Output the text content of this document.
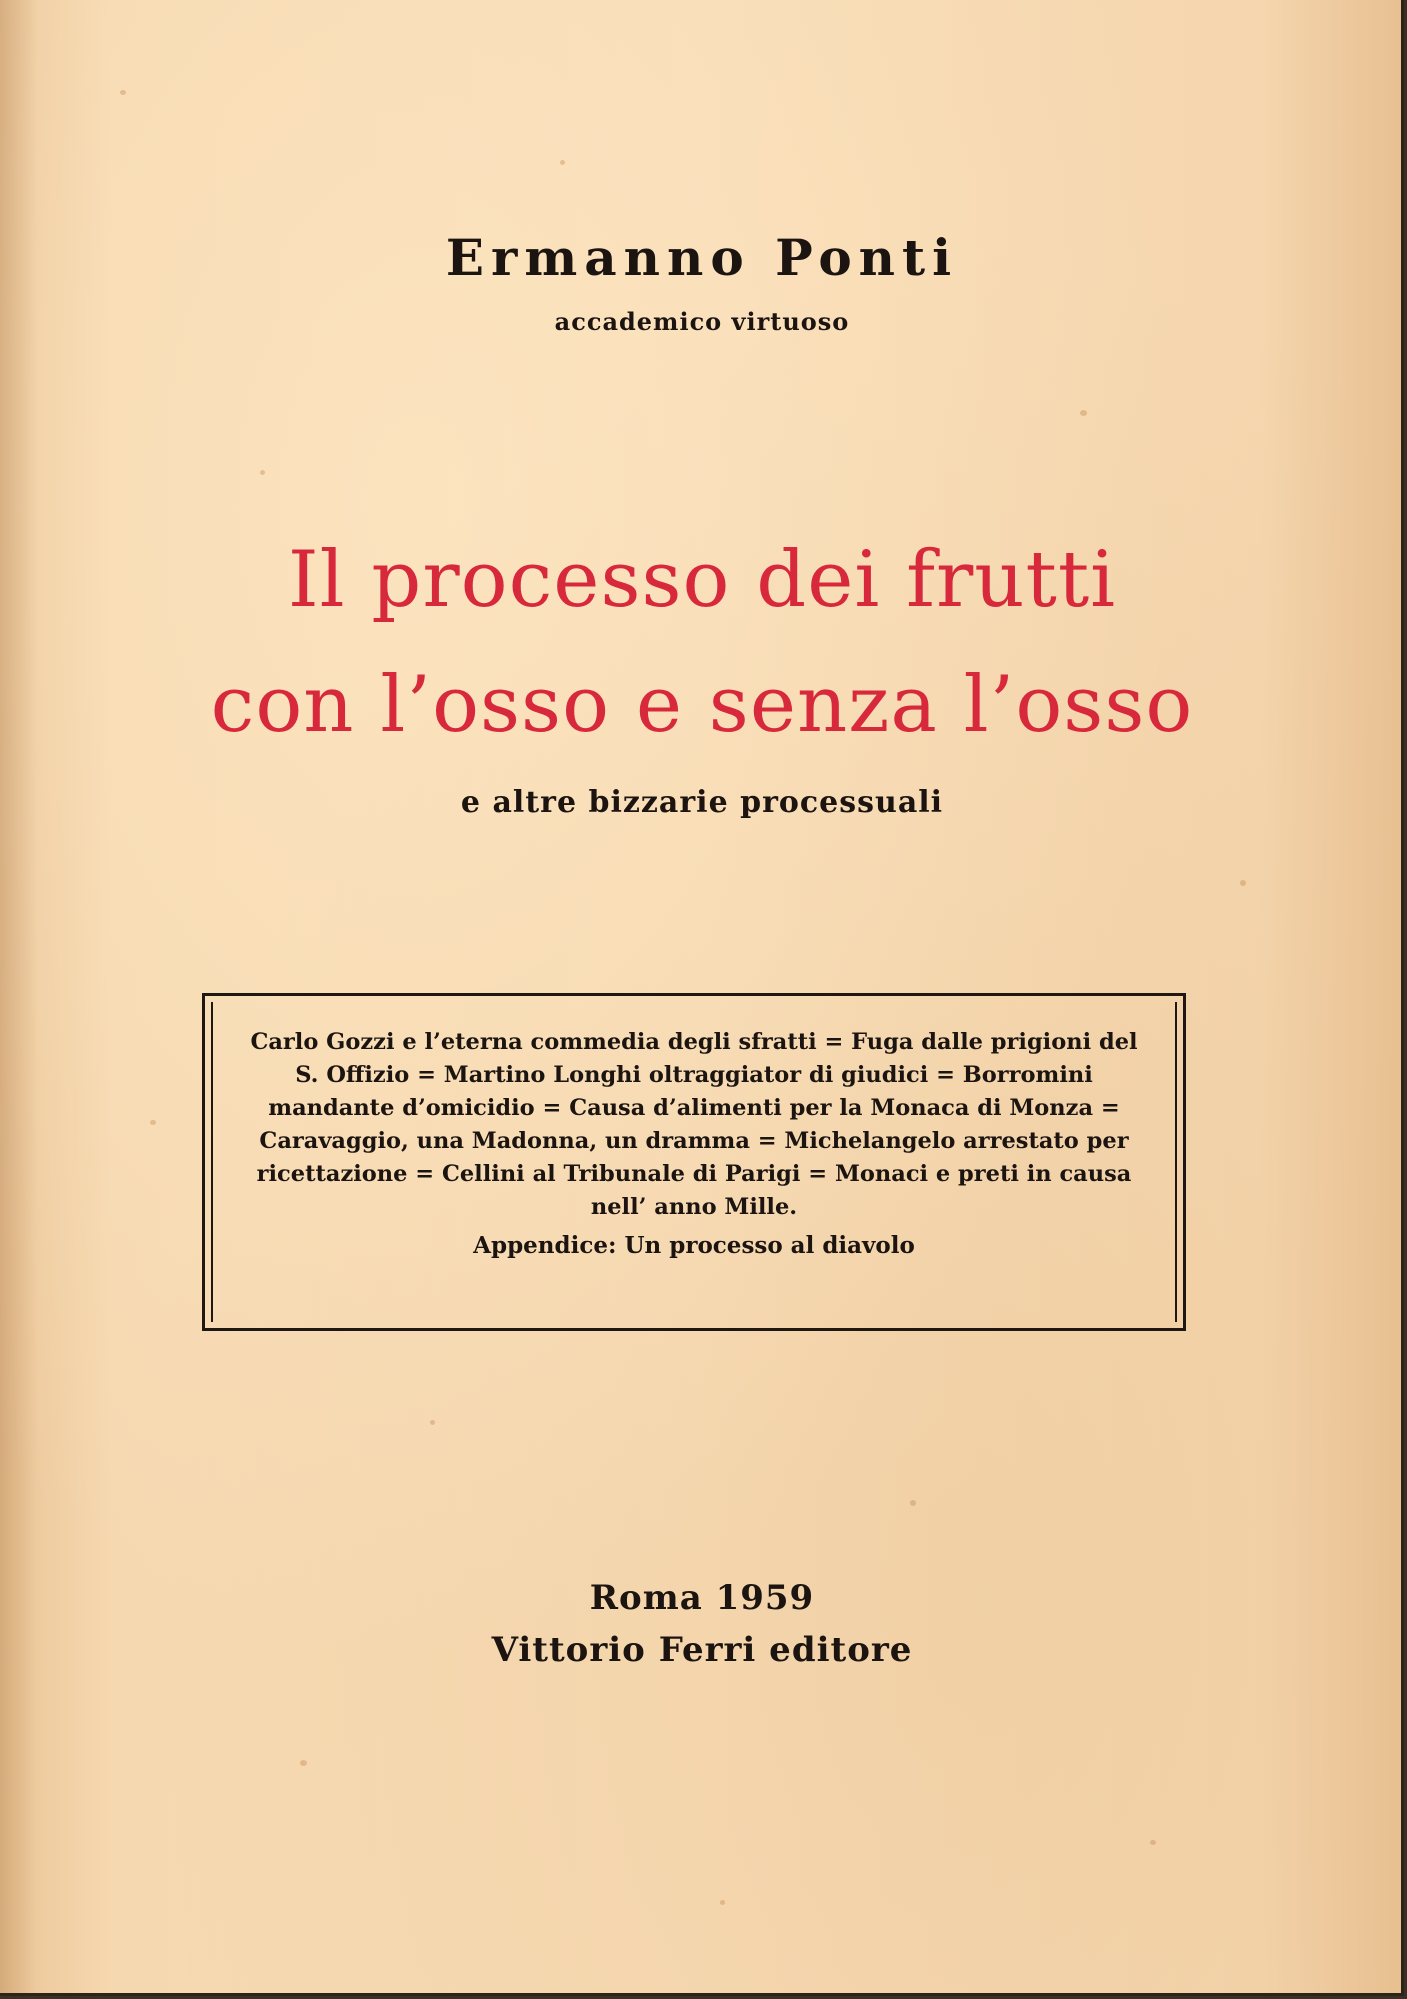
Ermanno Ponti
accademico virtuoso
Il processo dei frutti
con l’osso e senza l’osso
e altre bizzarie processuali

Carlo Gozzi e l’eterna commedia degli sfratti = Fuga dalle prigioni del S. Offizio = Martino Longhi oltraggiator di giudici = Borromini mandante d’omicidio = Causa d’alimenti per la Monaca di Monza = Caravaggio, una Madonna, un dramma = Michelangelo arrestato per ricettazione = Cellini al Tribunale di Parigi = Monaci e preti in causa nell’ anno Mille.

Appendice: Un processo al diavolo
Roma 1959
Vittorio Ferri editore
